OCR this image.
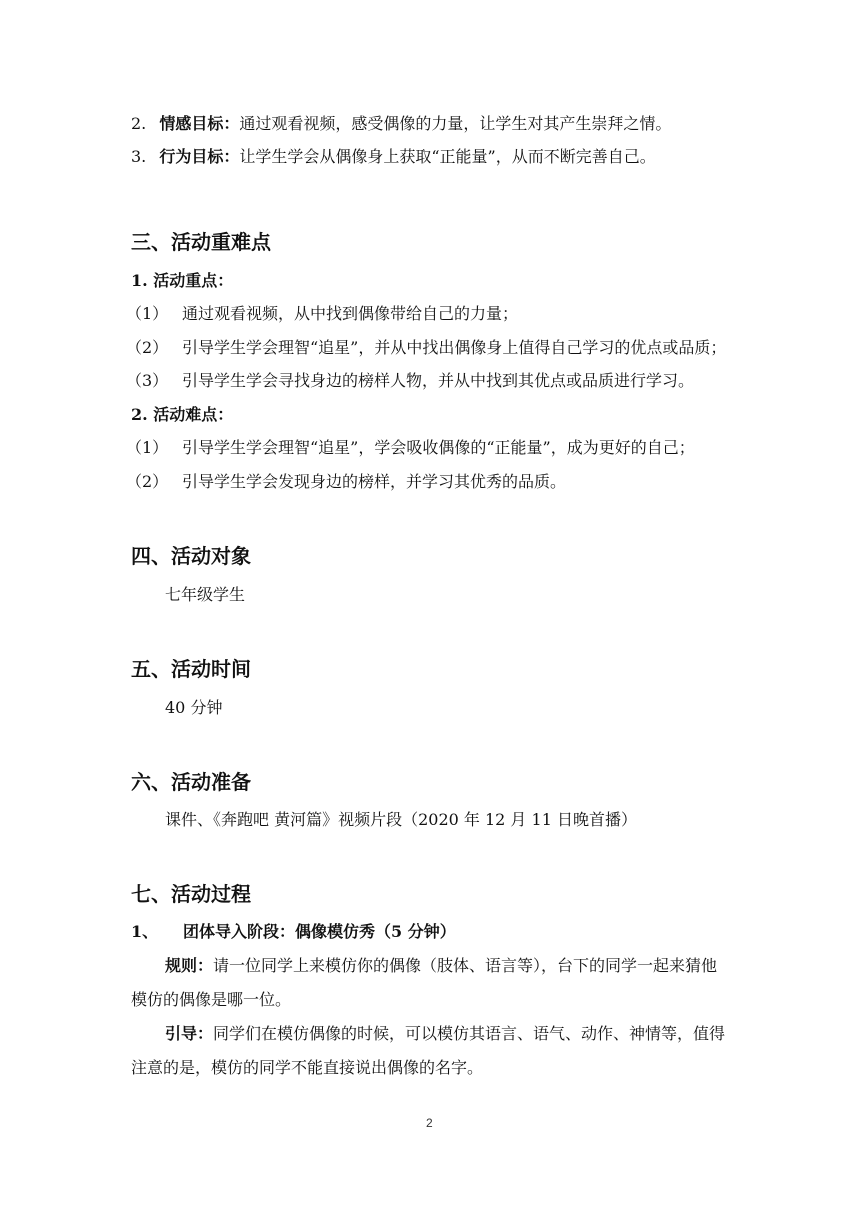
2. 情感目标：通过观看视频，感受偶像的力量，让学生对其产生崇拜之情。
3. 行为目标：让学生学会从偶像身上获取“正能量”，从而不断完善自己。
三、活动重难点
1. 活动重点：
（1） 通过观看视频，从中找到偶像带给自己的力量；
（2） 引导学生学会理智“追星”，并从中找出偶像身上值得自己学习的优点或品质；
（3） 引导学生学会寻找身边的榜样人物，并从中找到其优点或品质进行学习。
2. 活动难点：
（1） 引导学生学会理智“追星”，学会吸收偶像的“正能量”，成为更好的自己；
（2） 引导学生学会发现身边的榜样，并学习其优秀的品质。
四、活动对象
七年级学生
五、活动时间
40 分钟
六、活动准备
课件、《奔跑吧 黄河篇》视频片段（2020 年 12 月 11 日晚首播）
七、活动过程
1、 团体导入阶段：偶像模仿秀（5 分钟）
规则：请一位同学上来模仿你的偶像（肢体、语言等），台下的同学一起来猜他
模仿的偶像是哪一位。
引导：同学们在模仿偶像的时候，可以模仿其语言、语气、动作、神情等，值得
注意的是，模仿的同学不能直接说出偶像的名字。
2
